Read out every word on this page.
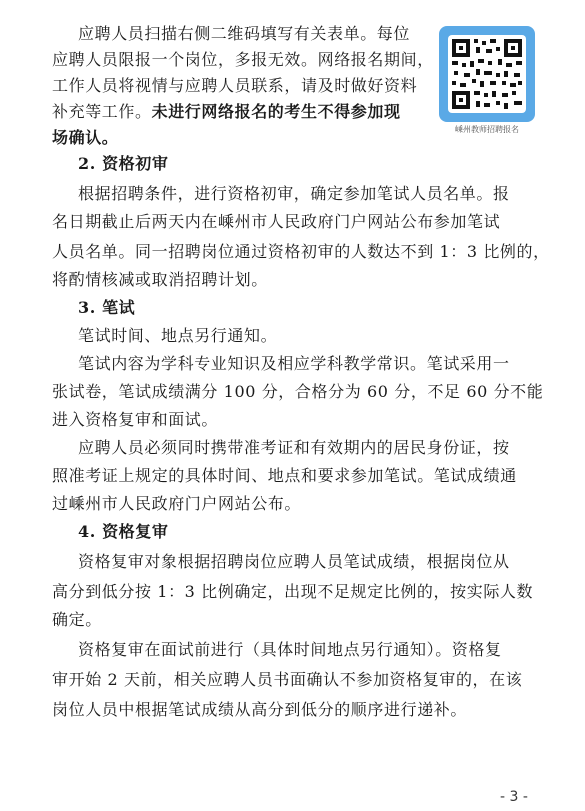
应聘人员扫描右侧二维码填写有关表单。每位
应聘人员限报一个岗位，多报无效。网络报名期间，
工作人员将视情与应聘人员联系，请及时做好资料
补充等工作。未进行网络报名的考生不得参加现
场确认。
2. 资格初审
根据招聘条件，进行资格初审，确定参加笔试人员名单。报
名日期截止后两天内在嵊州市人民政府门户网站公布参加笔试
人员名单。同一招聘岗位通过资格初审的人数达不到 1：3 比例的，
将酌情核减或取消招聘计划。
3. 笔试
笔试时间、地点另行通知。
笔试内容为学科专业知识及相应学科教学常识。笔试采用一
张试卷，笔试成绩满分 100 分，合格分为 60 分，不足 60 分不能
进入资格复审和面试。
应聘人员必须同时携带准考证和有效期内的居民身份证，按
照准考证上规定的具体时间、地点和要求参加笔试。笔试成绩通
过嵊州市人民政府门户网站公布。
4. 资格复审
资格复审对象根据招聘岗位应聘人员笔试成绩，根据岗位从
高分到低分按 1：3 比例确定，出现不足规定比例的，按实际人数
确定。
资格复审在面试前进行（具体时间地点另行通知）。资格复
审开始 2 天前，相关应聘人员书面确认不参加资格复审的，在该
岗位人员中根据笔试成绩从高分到低分的顺序进行递补。
嵊州教师招聘报名
- 3 -
